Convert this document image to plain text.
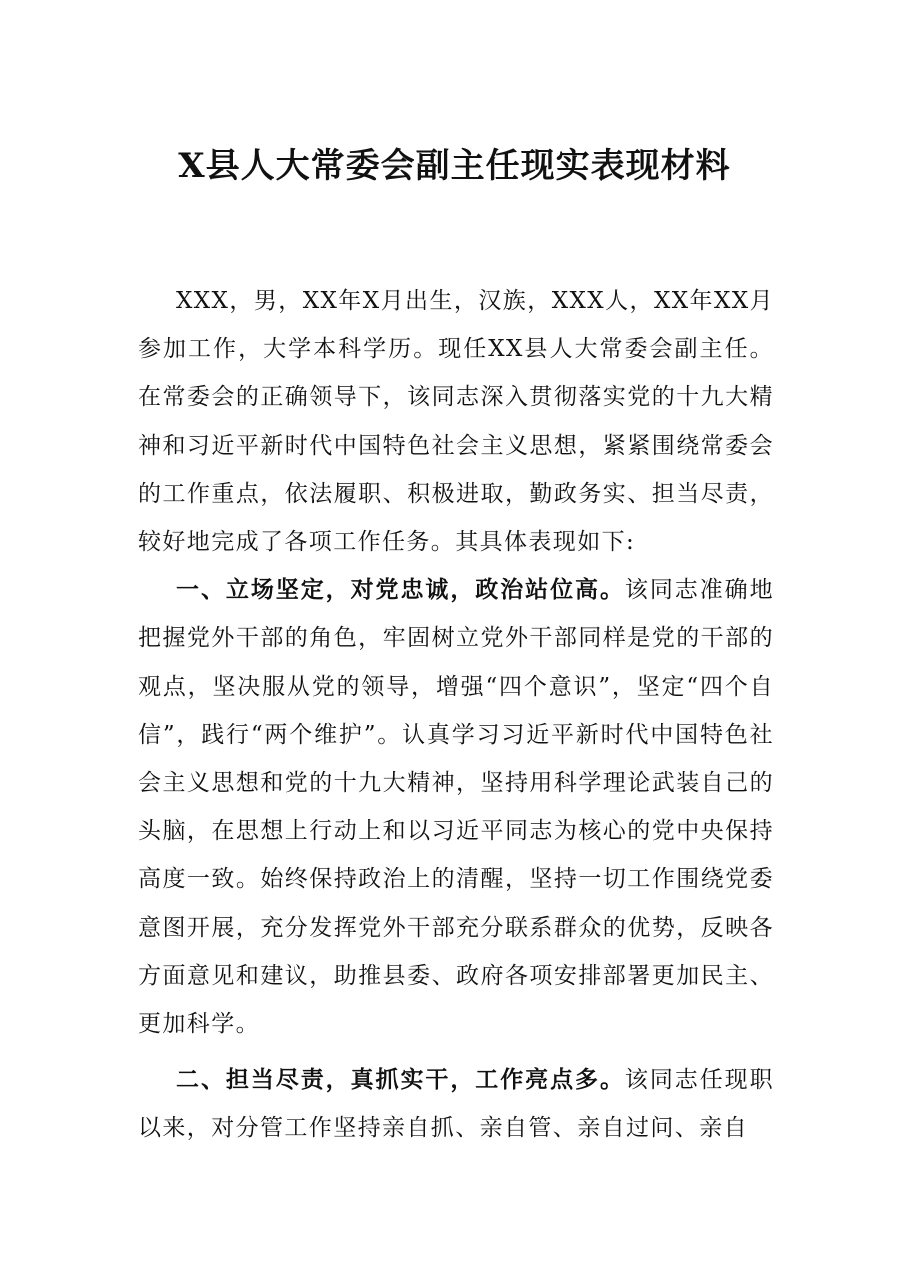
X县人大常委会副主任现实表现材料

XXX，男，XX年X月出生，汉族，XXX人，XX年XX月参加工作，大学本科学历。现任XX县人大常委会副主任。在常委会的正确领导下，该同志深入贯彻落实党的十九大精神和习近平新时代中国特色社会主义思想，紧紧围绕常委会的工作重点，依法履职、积极进取，勤政务实、担当尽责，较好地完成了各项工作任务。其具体表现如下:

一、立场坚定，对党忠诚，政治站位高。该同志准确地把握党外干部的角色，牢固树立党外干部同样是党的干部的观点，坚决服从党的领导，增强“四个意识”，坚定“四个自信”，践行“两个维护”。认真学习习近平新时代中国特色社会主义思想和党的十九大精神，坚持用科学理论武装自己的头脑，在思想上行动上和以习近平同志为核心的党中央保持高度一致。始终保持政治上的清醒，坚持一切工作围绕党委意图开展，充分发挥党外干部充分联系群众的优势，反映各方面意见和建议，助推县委、政府各项安排部署更加民主、更加科学。

二、担当尽责，真抓实干，工作亮点多。该同志任现职以来，对分管工作坚持亲自抓、亲自管、亲自过问、亲自
